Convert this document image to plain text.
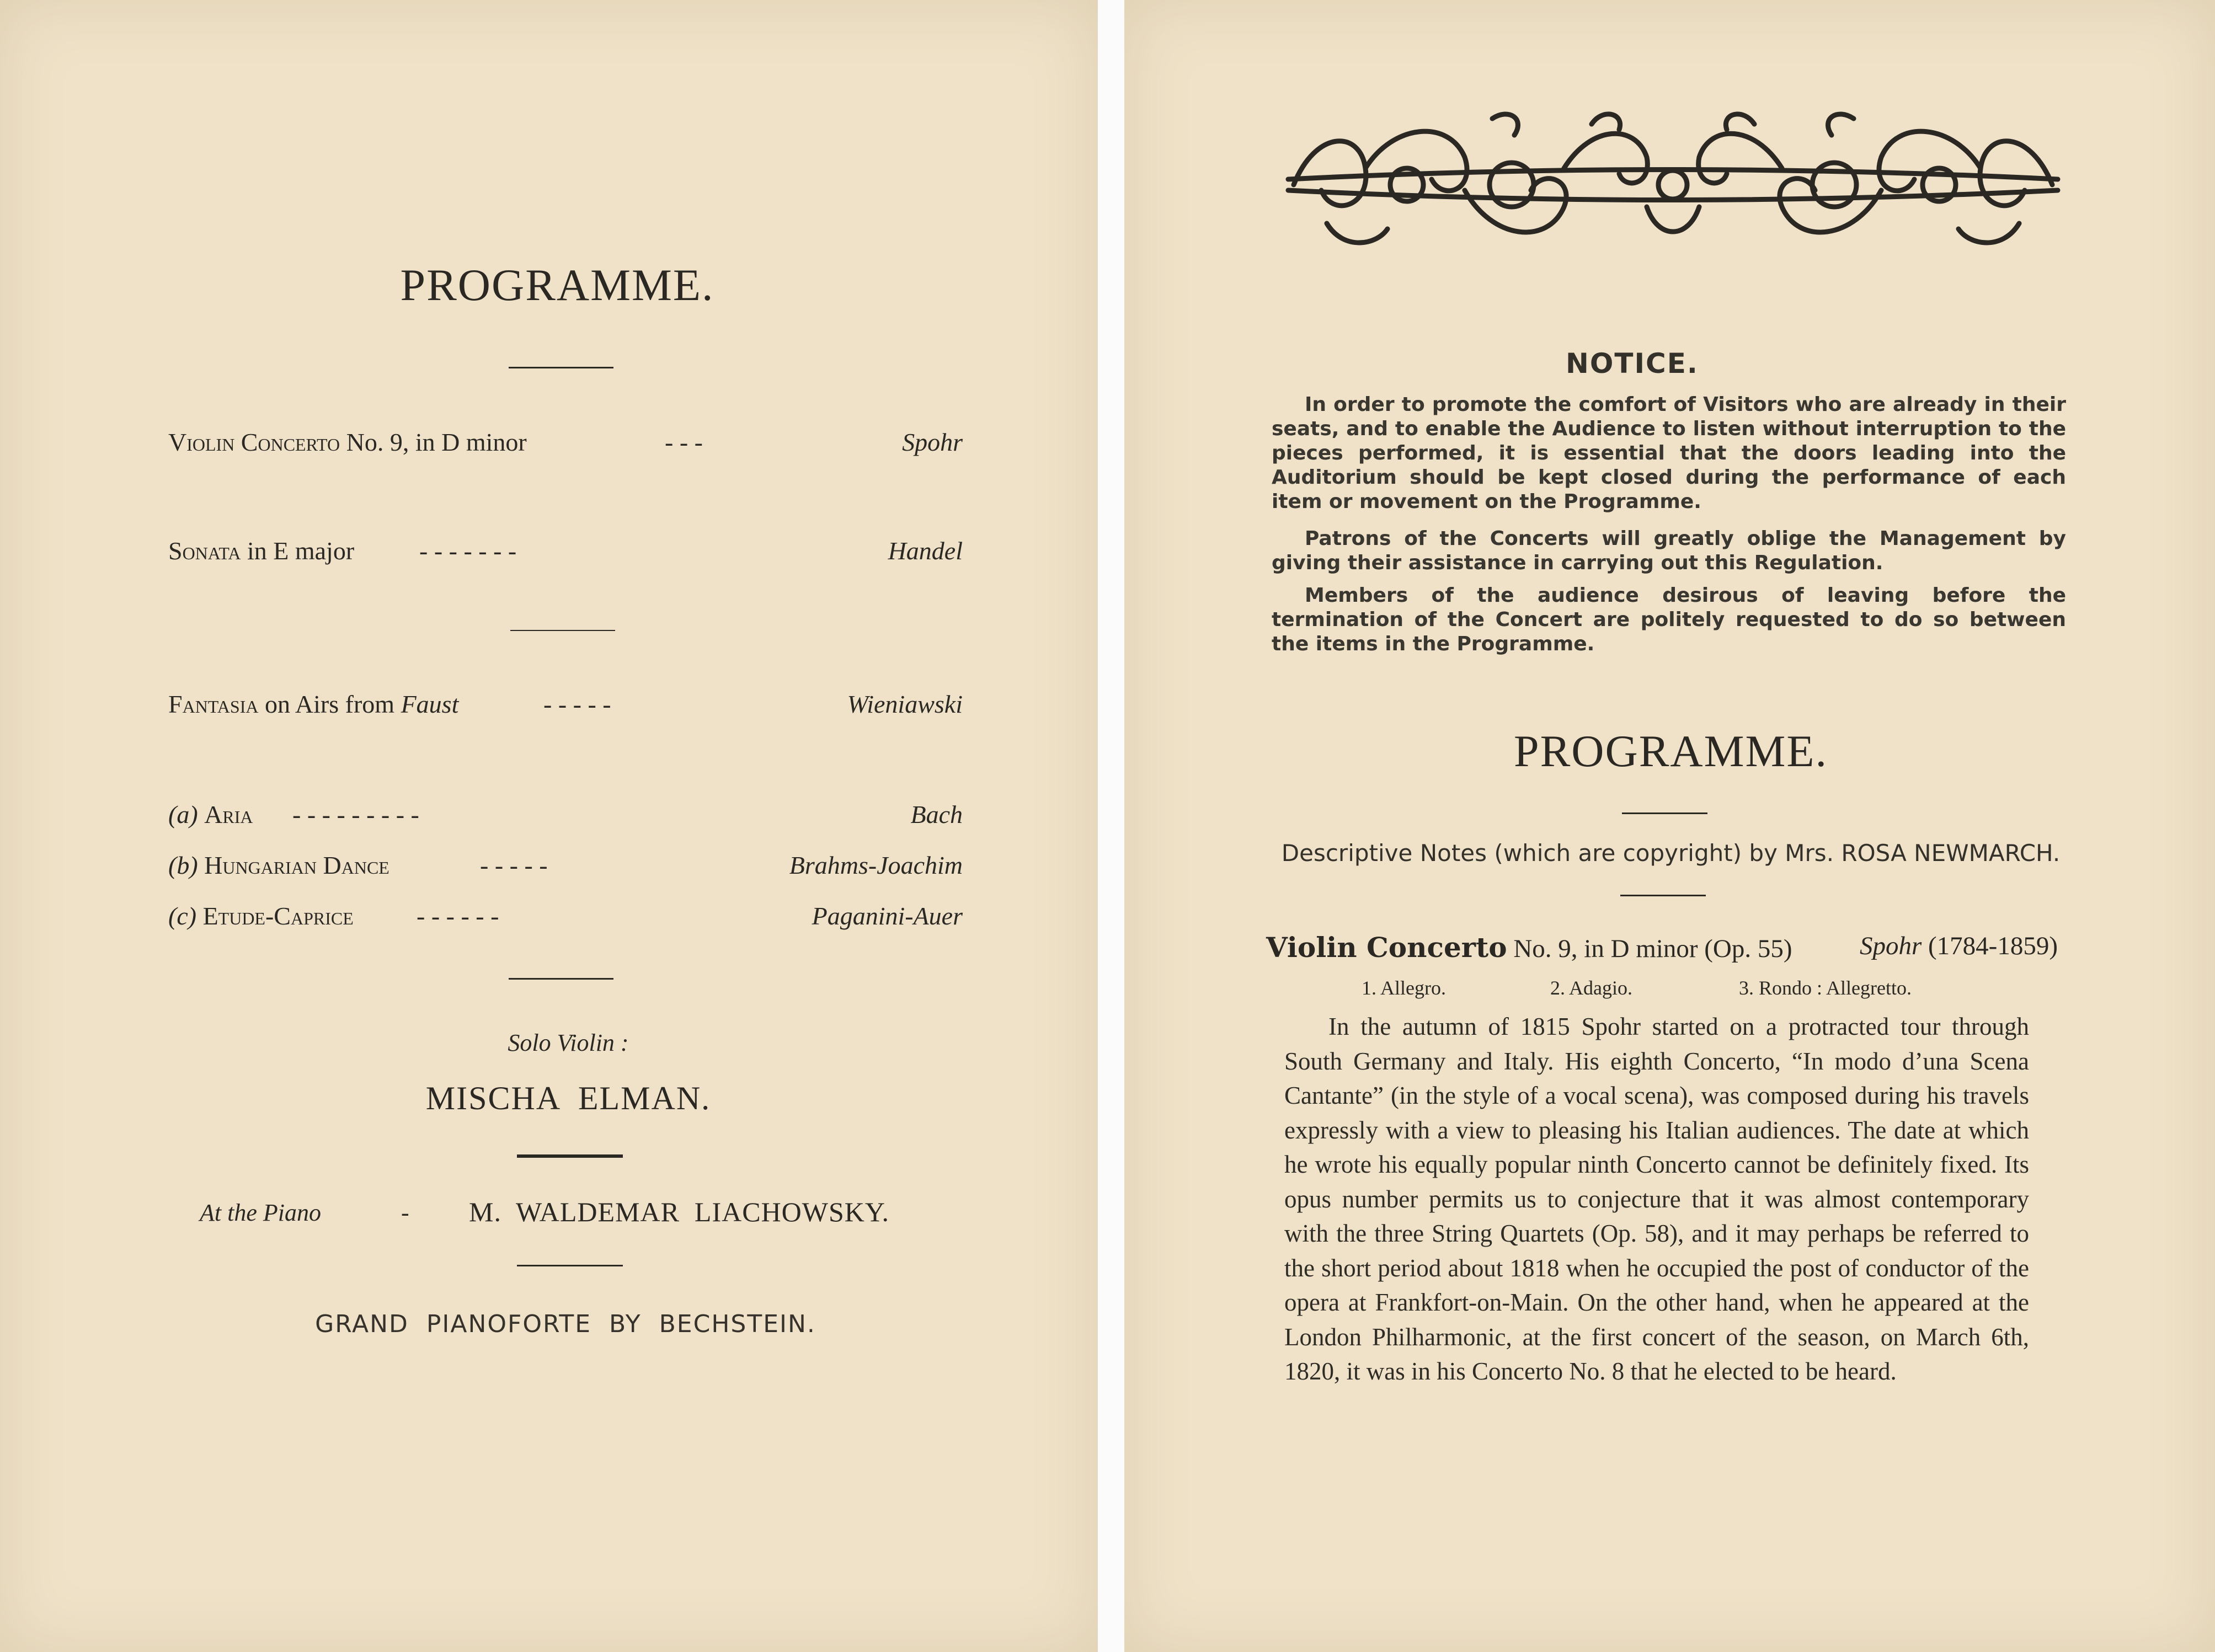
PROGRAMME.
Violin Concerto No. 9, in D minor	- - -	Spohr
Sonata in E major	- - - - - - -	Handel
Fantasia on Airs from Faust	- - - - -	Wieniawski
(a) Aria - - - - - - - - -	Bach
(b) Hungarian Dance	- - - - -	Brahms-Joachim
(c) Etude-Caprice - - - - - -	Paganini-Auer
Solo Violin :
MISCHA  ELMAN.
At the Piano	- M.  WALDEMAR  LIACHOWSKY.
GRAND  PIANOFORTE  BY  BECHSTEIN.
NOTICE.
In order to promote the comfort of Visitors who are already in their seats, and to enable the Audience to listen without interruption to the pieces performed, it is essential that the doors leading into the Auditorium should be kept closed during the performance of each item or movement on the Programme.
Patrons of the Concerts will greatly oblige the Management by giving their assistance in carrying out this Regulation.
Members of the audience desirous of leaving before the termination of the Concert are politely requested to do so between the items in the Programme.
PROGRAMME.
Descriptive Notes (which are copyright) by Mrs. ROSA NEWMARCH.
Violin Concerto No. 9, in D minor (Op. 55)	Spohr (1784-1859)
1. Allegro.	2. Adagio.	3. Rondo : Allegretto.
In the autumn of 1815 Spohr started on a protracted tour through South Germany and Italy. His eighth Concerto, “In modo d’una Scena Cantante” (in the style of a vocal scena), was composed during his travels expressly with a view to pleasing his Italian audiences. The date at which he wrote his equally popular ninth Concerto cannot be definitely fixed. Its opus number permits us to conjecture that it was almost contemporary with the three String Quartets (Op. 58), and it may perhaps be referred to the short period about 1818 when he occupied the post of conductor of the opera at Frankfort-on-Main. On the other hand, when he appeared at the London Philharmonic, at the first concert of the season, on March 6th, 1820, it was in his Concerto No. 8 that he elected to be heard.
